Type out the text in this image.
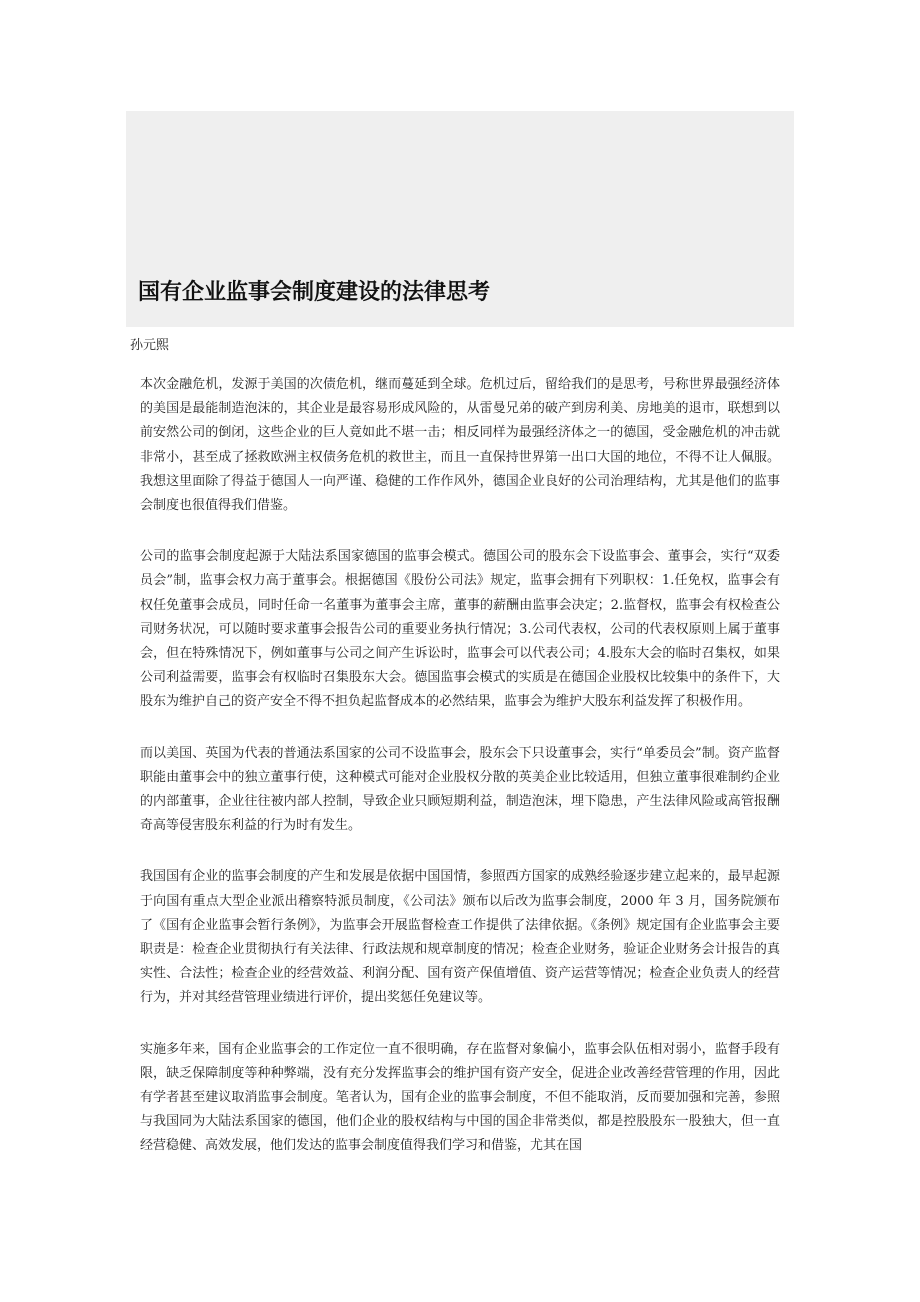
国有企业监事会制度建设的法律思考
孙元熙

本次金融危机，发源于美国的次债危机，继而蔓延到全球。危机过后，留给我们的是思考，号称世界最强经济体的美国是最能制造泡沫的，其企业是最容易形成风险的，从雷曼兄弟的破产到房利美、房地美的退市，联想到以前安然公司的倒闭，这些企业的巨人竟如此不堪一击；相反同样为最强经济体之一的德国，受金融危机的冲击就非常小，甚至成了拯救欧洲主权债务危机的救世主，而且一直保持世界第一出口大国的地位，不得不让人佩服。我想这里面除了得益于德国人一向严谨、稳健的工作作风外，德国企业良好的公司治理结构，尤其是他们的监事会制度也很值得我们借鉴。

公司的监事会制度起源于大陆法系国家德国的监事会模式。德国公司的股东会下设监事会、董事会，实行“双委员会”制，监事会权力高于董事会。根据德国《股份公司法》规定，监事会拥有下列职权：1.任免权，监事会有权任免董事会成员，同时任命一名董事为董事会主席，董事的薪酬由监事会决定；2.监督权，监事会有权检查公司财务状况，可以随时要求董事会报告公司的重要业务执行情况；3.公司代表权，公司的代表权原则上属于董事会，但在特殊情况下，例如董事与公司之间产生诉讼时，监事会可以代表公司；4.股东大会的临时召集权，如果公司利益需要，监事会有权临时召集股东大会。德国监事会模式的实质是在德国企业股权比较集中的条件下，大股东为维护自己的资产安全不得不担负起监督成本的必然结果，监事会为维护大股东利益发挥了积极作用。

而以美国、英国为代表的普通法系国家的公司不设监事会，股东会下只设董事会，实行“单委员会”制。资产监督职能由董事会中的独立董事行使，这种模式可能对企业股权分散的英美企业比较适用，但独立董事很难制约企业的内部董事，企业往往被内部人控制，导致企业只顾短期利益，制造泡沫，埋下隐患，产生法律风险或高管报酬奇高等侵害股东利益的行为时有发生。

我国国有企业的监事会制度的产生和发展是依据中国国情，参照西方国家的成熟经验逐步建立起来的，最早起源于向国有重点大型企业派出稽察特派员制度，《公司法》颁布以后改为监事会制度，2000 年 3 月，国务院颁布了《国有企业监事会暂行条例》，为监事会开展监督检查工作提供了法律依据。《条例》规定国有企业监事会主要职责是：检查企业贯彻执行有关法律、行政法规和规章制度的情况；检查企业财务，验证企业财务会计报告的真实性、合法性；检查企业的经营效益、利润分配、国有资产保值增值、资产运营等情况；检查企业负责人的经营行为，并对其经营管理业绩进行评价，提出奖惩任免建议等。

实施多年来，国有企业监事会的工作定位一直不很明确，存在监督对象偏小，监事会队伍相对弱小，监督手段有限，缺乏保障制度等种种弊端，没有充分发挥监事会的维护国有资产安全，促进企业改善经营管理的作用，因此有学者甚至建议取消监事会制度。笔者认为，国有企业的监事会制度，不但不能取消，反而要加强和完善，参照与我国同为大陆法系国家的德国，他们企业的股权结构与中国的国企非常类似，都是控股股东一股独大，但一直经营稳健、高效发展，他们发达的监事会制度值得我们学习和借鉴，尤其在国
